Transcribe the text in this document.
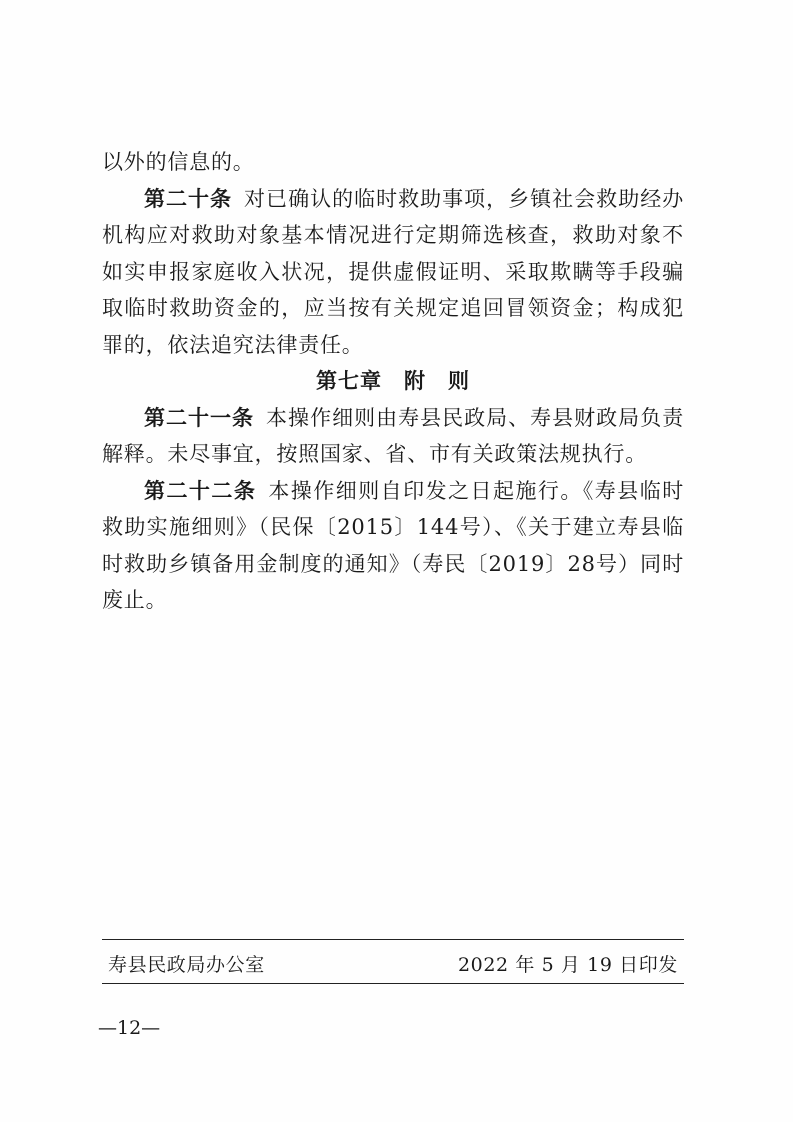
以外的信息的。

第二十条 对已确认的临时救助事项，乡镇社会救助经办机构应对救助对象基本情况进行定期筛选核查，救助对象不如实申报家庭收入状况，提供虚假证明、采取欺瞒等手段骗取临时救助资金的，应当按有关规定追回冒领资金；构成犯罪的，依法追究法律责任。

第七章　附　则

第二十一条 本操作细则由寿县民政局、寿县财政局负责解释。未尽事宜，按照国家、省、市有关政策法规执行。

第二十二条 本操作细则自印发之日起施行。《寿县临时救助实施细则》（民保〔2015〕144号）、《关于建立寿县临时救助乡镇备用金制度的通知》（寿民〔2019〕28号）同时废止。

寿县民政局办公室	2022 年 5 月 19 日印发
—12—
